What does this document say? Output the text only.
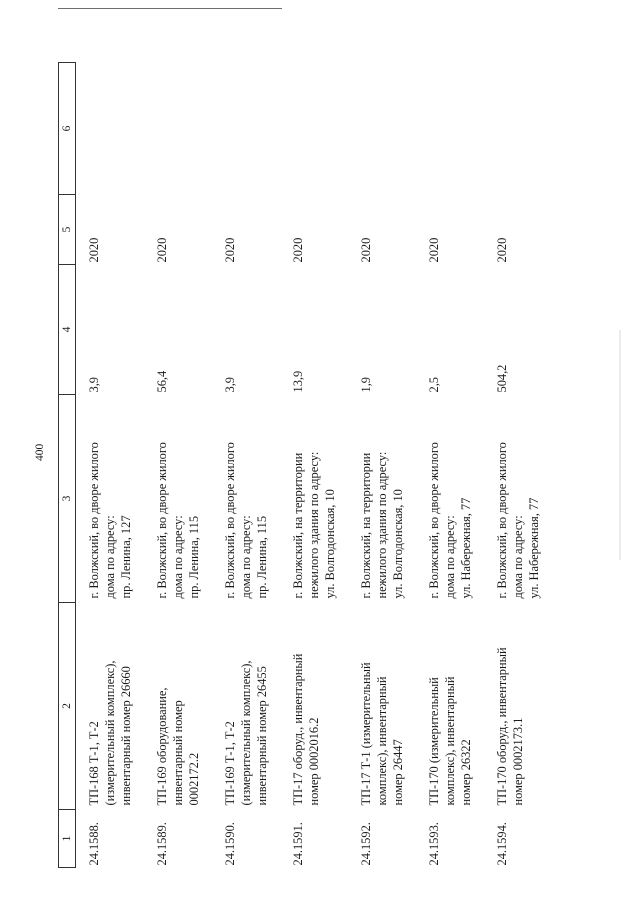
400
1	2	3	4	5	6
24.1588.	ТП-168 Т-1, Т-2 (измерительный комплекс), инвентарный номер 26660	г. Волжский, во дворе жилого дома по адресу: пр. Ленина, 127	3,9	2020	
24.1589.	ТП-169 оборудование, инвентарный номер 0002172.2	г. Волжский, во дворе жилого дома по адресу: пр. Ленина, 115	56,4	2020	
24.1590.	ТП-169 Т-1, Т-2 (измерительный комплекс), инвентарный номер 26455	г. Волжский, во дворе жилого дома по адресу: пр. Ленина, 115	3,9	2020	
24.1591.	ТП-17 оборуд., инвентарный номер 0002016.2	г. Волжский, на территории нежилого здания по адресу: ул. Волгодонская, 10	13,9	2020	
24.1592.	ТП-17 Т-1 (измерительный комплекс), инвентарный номер 26447	г. Волжский, на территории нежилого здания по адресу: ул. Волгодонская, 10	1,9	2020	
24.1593.	ТП-170 (измерительный комплекс), инвентарный номер 26322	г. Волжский, во дворе жилого дома по адресу: ул. Набережная, 77	2,5	2020	
24.1594.	ТП-170 оборуд., инвентарный номер 0002173.1	г. Волжский, во дворе жилого дома по адресу: ул. Набережная, 77	504,2	2020	
